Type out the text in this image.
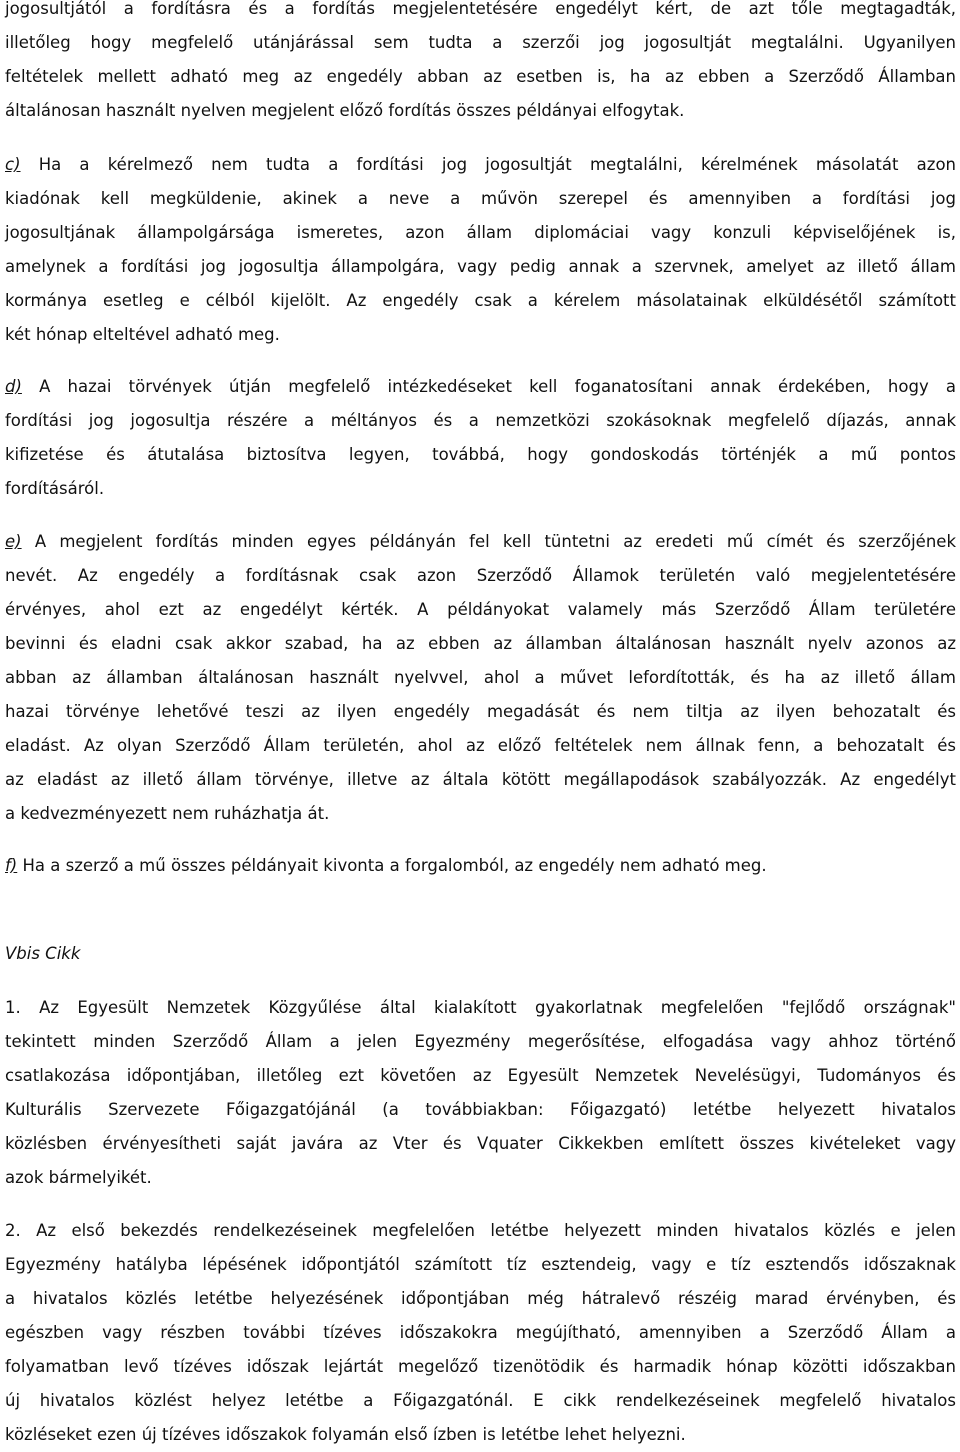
jogosultjától a fordításra és a fordítás megjelentetésére engedélyt kért, de azt tőle megtagadták,
illetőleg hogy megfelelő utánjárással sem tudta a szerzői jog jogosultját megtalálni. Ugyanilyen
feltételek mellett adható meg az engedély abban az esetben is, ha az ebben a Szerződő Államban
általánosan használt nyelven megjelent előző fordítás összes példányai elfogytak.
c) Ha a kérelmező nem tudta a fordítási jog jogosultját megtalálni, kérelmének másolatát azon
kiadónak kell megküldenie, akinek a neve a művön szerepel és amennyiben a fordítási jog
jogosultjának állampolgársága ismeretes, azon állam diplomáciai vagy konzuli képviselőjének is,
amelynek a fordítási jog jogosultja állampolgára, vagy pedig annak a szervnek, amelyet az illető állam
kormánya esetleg e célból kijelölt. Az engedély csak a kérelem másolatainak elküldésétől számított
két hónap elteltével adható meg.
d) A hazai törvények útján megfelelő intézkedéseket kell foganatosítani annak érdekében, hogy a
fordítási jog jogosultja részére a méltányos és a nemzetközi szokásoknak megfelelő díjazás, annak
kifizetése és átutalása biztosítva legyen, továbbá, hogy gondoskodás történjék a mű pontos
fordításáról.
e) A megjelent fordítás minden egyes példányán fel kell tüntetni az eredeti mű címét és szerzőjének
nevét. Az engedély a fordításnak csak azon Szerződő Államok területén való megjelentetésére
érvényes, ahol ezt az engedélyt kérték. A példányokat valamely más Szerződő Állam területére
bevinni és eladni csak akkor szabad, ha az ebben az államban általánosan használt nyelv azonos az
abban az államban általánosan használt nyelvvel, ahol a művet lefordították, és ha az illető állam
hazai törvénye lehetővé teszi az ilyen engedély megadását és nem tiltja az ilyen behozatalt és
eladást. Az olyan Szerződő Állam területén, ahol az előző feltételek nem állnak fenn, a behozatalt és
az eladást az illető állam törvénye, illetve az általa kötött megállapodások szabályozzák. Az engedélyt
a kedvezményezett nem ruházhatja át.
f) Ha a szerző a mű összes példányait kivonta a forgalomból, az engedély nem adható meg.
Vbis Cikk
1. Az Egyesült Nemzetek Közgyűlése által kialakított gyakorlatnak megfelelően "fejlődő országnak"
tekintett minden Szerződő Állam a jelen Egyezmény megerősítése, elfogadása vagy ahhoz történő
csatlakozása időpontjában, illetőleg ezt követően az Egyesült Nemzetek Nevelésügyi, Tudományos és
Kulturális Szervezete Főigazgatójánál (a továbbiakban: Főigazgató) letétbe helyezett hivatalos
közlésben érvényesítheti saját javára az Vter és Vquater Cikkekben említett összes kivételeket vagy
azok bármelyikét.
2. Az első bekezdés rendelkezéseinek megfelelően letétbe helyezett minden hivatalos közlés e jelen
Egyezmény hatályba lépésének időpontjától számított tíz esztendeig, vagy e tíz esztendős időszaknak
a hivatalos közlés letétbe helyezésének időpontjában még hátralevő részéig marad érvényben, és
egészben vagy részben további tízéves időszakokra megújítható, amennyiben a Szerződő Állam a
folyamatban levő tízéves időszak lejártát megelőző tizenötödik és harmadik hónap közötti időszakban
új hivatalos közlést helyez letétbe a Főigazgatónál. E cikk rendelkezéseinek megfelelő hivatalos
közléseket ezen új tízéves időszakok folyamán első ízben is letétbe lehet helyezni.
